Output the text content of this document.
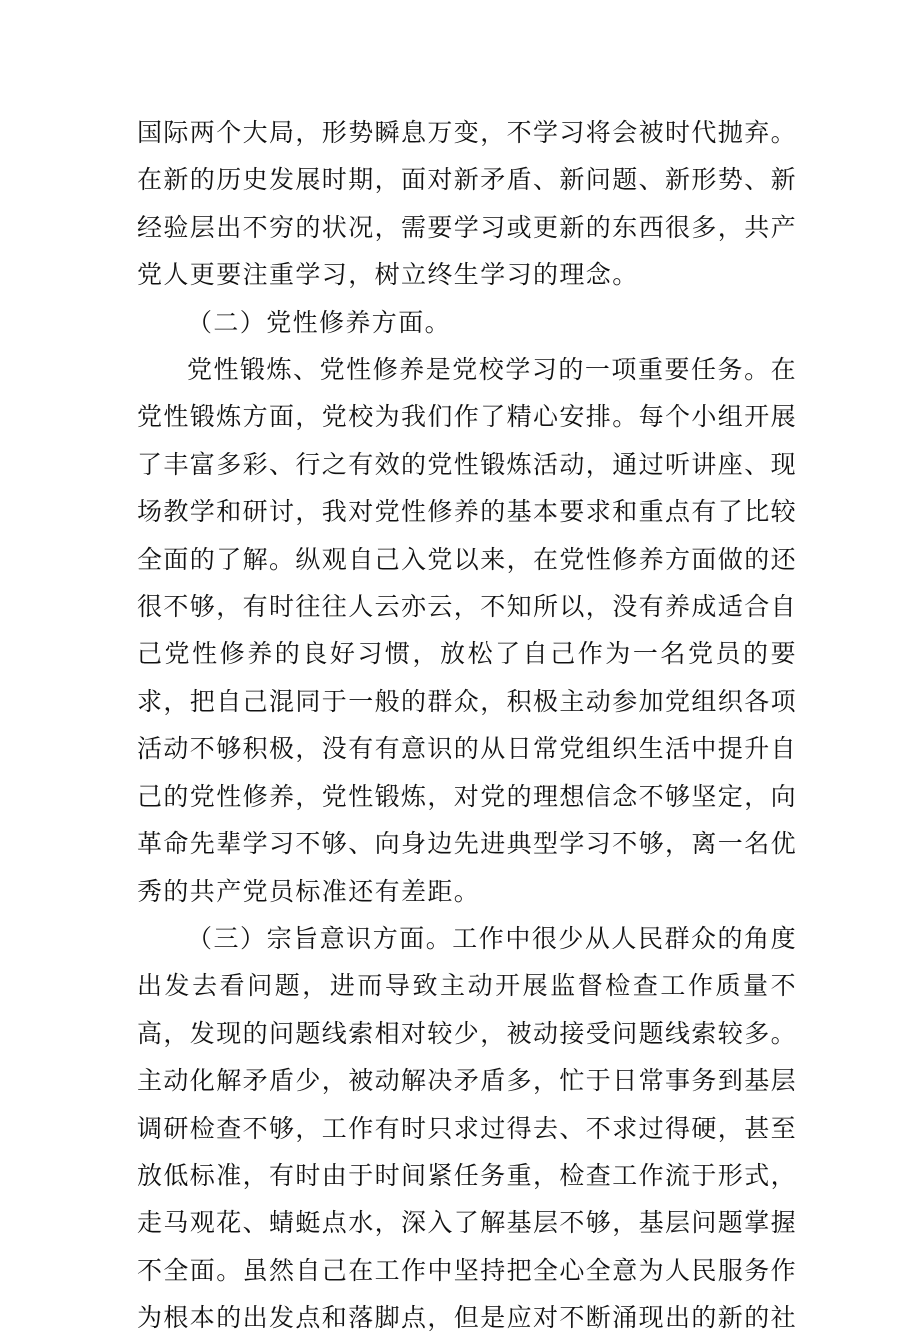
国际两个大局，形势瞬息万变，不学习将会被时代抛弃。在新的历史发展时期，面对新矛盾、新问题、新形势、新经验层出不穷的状况，需要学习或更新的东西很多，共产党人更要注重学习，树立终生学习的理念。

（二）党性修养方面。

党性锻炼、党性修养是党校学习的一项重要任务。在党性锻炼方面，党校为我们作了精心安排。每个小组开展了丰富多彩、行之有效的党性锻炼活动，通过听讲座、现场教学和研讨，我对党性修养的基本要求和重点有了比较全面的了解。纵观自己入党以来，在党性修养方面做的还很不够，有时往往人云亦云，不知所以，没有养成适合自己党性修养的良好习惯，放松了自己作为一名党员的要求，把自己混同于一般的群众，积极主动参加党组织各项活动不够积极，没有有意识的从日常党组织生活中提升自己的党性修养，党性锻炼，对党的理想信念不够坚定，向革命先辈学习不够、向身边先进典型学习不够，离一名优秀的共产党员标准还有差距。

（三）宗旨意识方面。工作中很少从人民群众的角度出发去看问题，进而导致主动开展监督检查工作质量不高，发现的问题线索相对较少，被动接受问题线索较多。主动化解矛盾少，被动解决矛盾多，忙于日常事务到基层调研检查不够，工作有时只求过得去、不求过得硬，甚至放低标准，有时由于时间紧任务重，检查工作流于形式，走马观花、蜻蜓点水，深入了解基层不够，基层问题掌握不全面。虽然自己在工作中坚持把全心全意为人民服务作为根本的出发点和落脚点，但是应对不断涌现出的新的社
